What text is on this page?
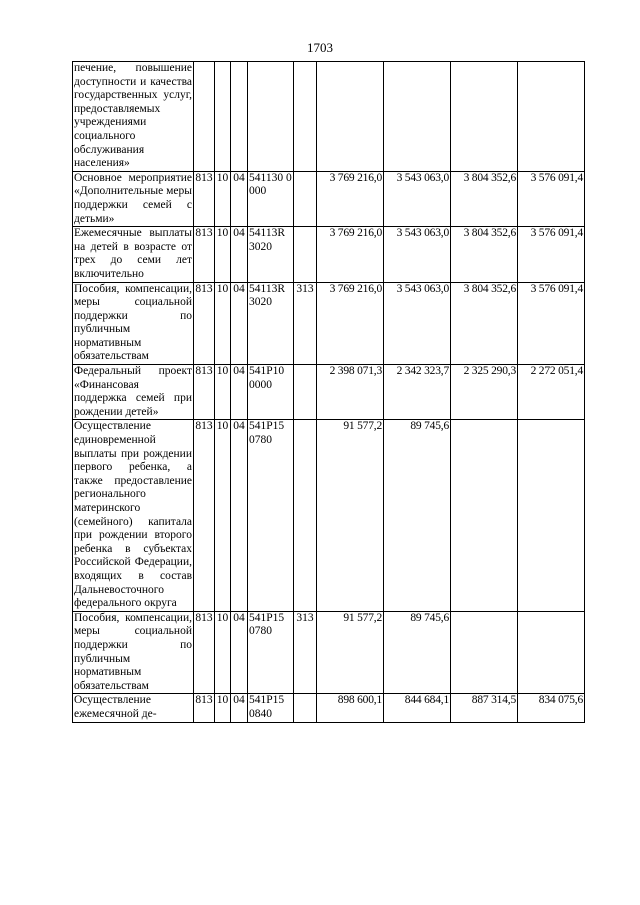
1703
печение, повышение доступности и качества государственных услуг, предоставляемых учреждениями социального обслуживания населения»									
Основное мероприятие «Дополнительные меры поддержки семей с детьми»	813	10	04	541130 0000		3 769 216,0	3 543 063,0	3 804 352,6	3 576 091,4
Ежемесячные выплаты на детей в возрасте от трех до семи лет включительно	813	10	04	54113R 3020		3 769 216,0	3 543 063,0	3 804 352,6	3 576 091,4
Пособия, компенсации, меры социальной поддержки по публичным нормативным обязательствам	813	10	04	54113R 3020	313	3 769 216,0	3 543 063,0	3 804 352,6	3 576 091,4
Федеральный проект «Финансовая поддержка семей при рождении детей»	813	10	04	541P10 0000		2 398 071,3	2 342 323,7	2 325 290,3	2 272 051,4
Осуществление единовременной выплаты при рождении первого ребенка, а также предоставление регионального материнского (семейного) капитала при рождении второго ребенка в субъектах Российской Федерации, входящих в состав Дальневосточного федерального округа	813	10	04	541P15 0780		91 577,2	89 745,6		
Пособия, компенсации, меры социальной поддержки по публичным нормативным обязательствам	813	10	04	541P15 0780	313	91 577,2	89 745,6		
Осуществление ежемесячной де-	813	10	04	541P15 0840		898 600,1	844 684,1	887 314,5	834 075,6
